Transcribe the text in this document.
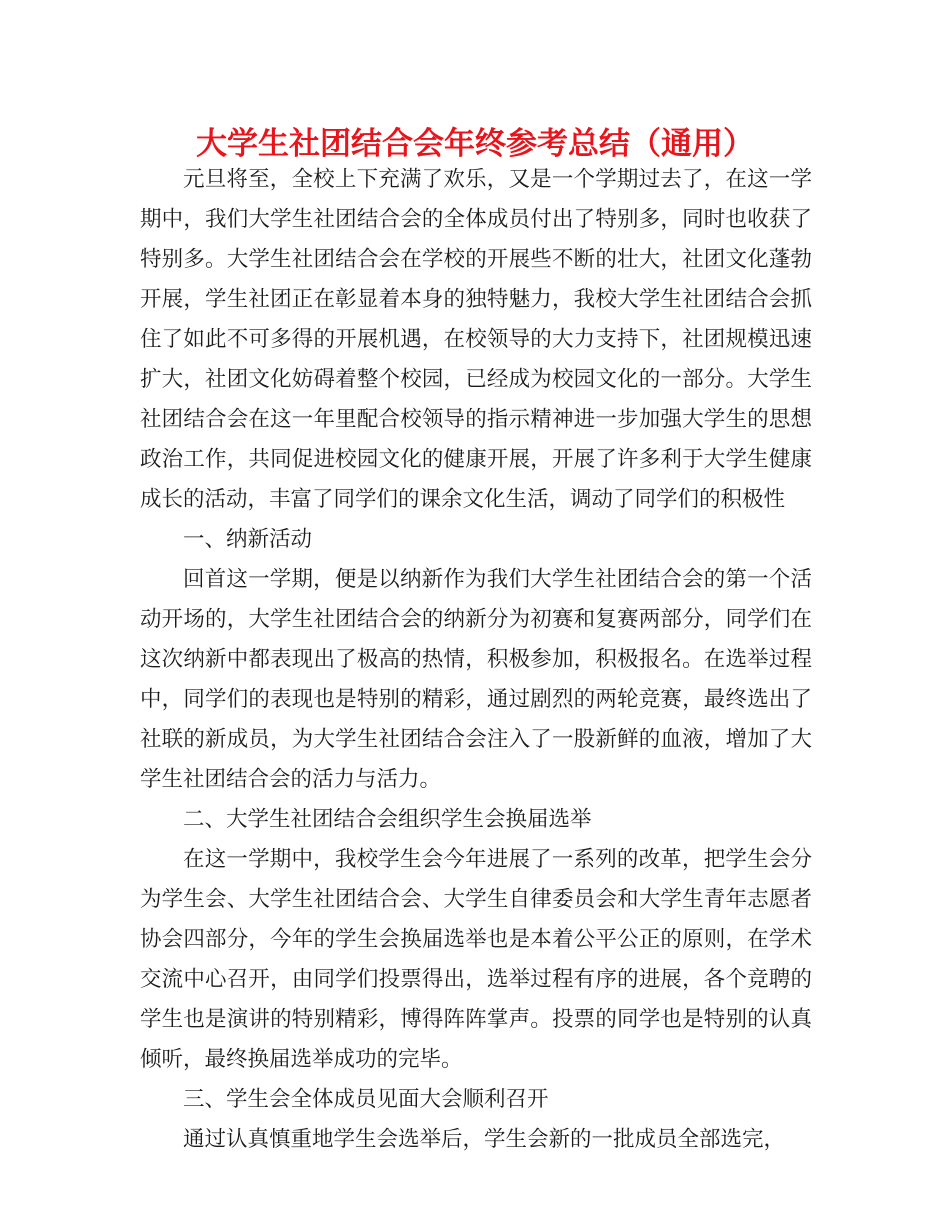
大学生社团结合会年终参考总结（通用）

元旦将至，全校上下充满了欢乐，又是一个学期过去了，在这一学期中，我们大学生社团结合会的全体成员付出了特别多，同时也收获了特别多。大学生社团结合会在学校的开展些不断的壮大，社团文化蓬勃开展，学生社团正在彰显着本身的独特魅力，我校大学生社团结合会抓住了如此不可多得的开展机遇，在校领导的大力支持下，社团规模迅速扩大，社团文化妨碍着整个校园，已经成为校园文化的一部分。大学生社团结合会在这一年里配合校领导的指示精神进一步加强大学生的思想政治工作，共同促进校园文化的健康开展，开展了许多利于大学生健康成长的活动，丰富了同学们的课余文化生活，调动了同学们的积极性

一、纳新活动

回首这一学期，便是以纳新作为我们大学生社团结合会的第一个活动开场的，大学生社团结合会的纳新分为初赛和复赛两部分，同学们在这次纳新中都表现出了极高的热情，积极参加，积极报名。在选举过程中，同学们的表现也是特别的精彩，通过剧烈的两轮竞赛，最终选出了社联的新成员，为大学生社团结合会注入了一股新鲜的血液，增加了大学生社团结合会的活力与活力。

二、大学生社团结合会组织学生会换届选举

在这一学期中，我校学生会今年进展了一系列的改革，把学生会分为学生会、大学生社团结合会、大学生自律委员会和大学生青年志愿者协会四部分，今年的学生会换届选举也是本着公平公正的原则，在学术交流中心召开，由同学们投票得出，选举过程有序的进展，各个竞聘的学生也是演讲的特别精彩，博得阵阵掌声。投票的同学也是特别的认真倾听，最终换届选举成功的完毕。

三、学生会全体成员见面大会顺利召开

通过认真慎重地学生会选举后，学生会新的一批成员全部选完，
